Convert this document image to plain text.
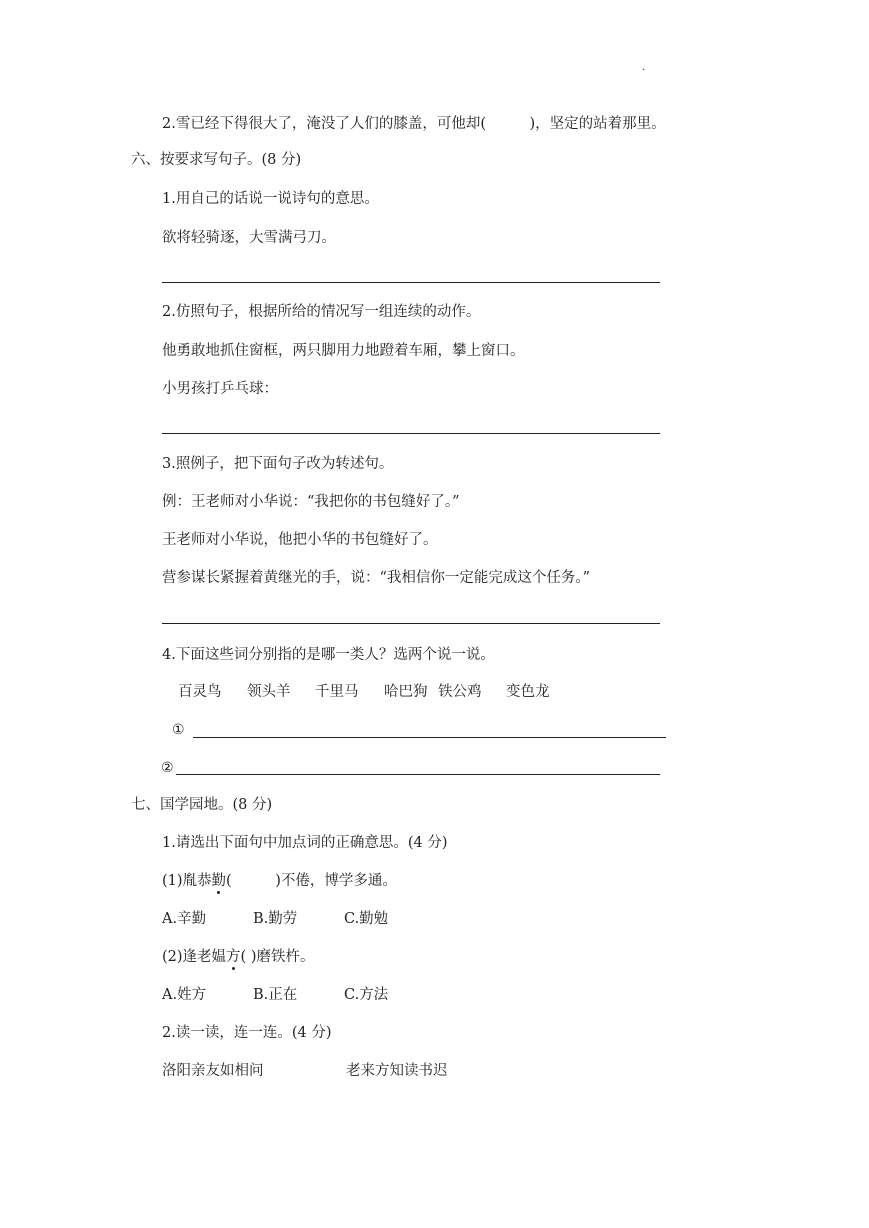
·
2.雪已经下得很大了，淹没了人们的膝盖，可他却(　　　)，坚定的站着那里。
六、按要求写句子。(8 分)
1.用自己的话说一说诗句的意思。
欲将轻骑逐，大雪满弓刀。
2.仿照句子，根据所给的情况写一组连续的动作。
他勇敢地抓住窗框，两只脚用力地蹬着车厢，攀上窗口。
小男孩打乒乓球：
3.照例子，把下面句子改为转述句。
例：王老师对小华说：“我把你的书包缝好了。”
王老师对小华说，他把小华的书包缝好了。
营参谋长紧握着黄继光的手，说：“我相信你一定能完成这个任务。”
4.下面这些词分别指的是哪一类人？选两个说一说。
百灵鸟 领头羊 千里马 哈巴狗 铁公鸡 变色龙
①
②
七、国学园地。(8 分)
1.请选出下面句中加点词的正确意思。(4 分)
(1)胤恭勤(　　　)不倦，博学多通。
A.辛勤	B.勤劳	C.勤勉
(2)逢老媪方( )磨铁杵。
A.姓方	B.正在	C.方法
2.读一读，连一连。(4 分)
洛阳亲友如相问	老来方知读书迟
